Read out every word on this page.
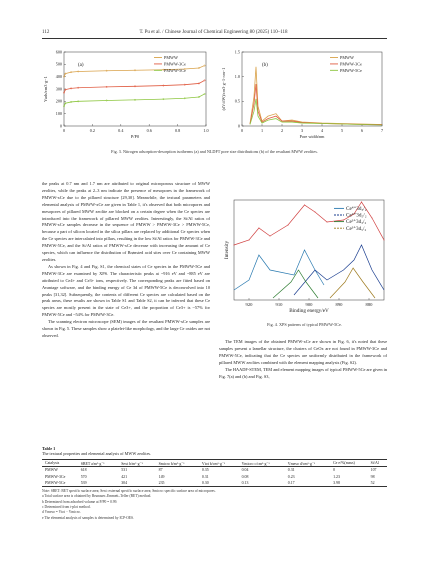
112	T. Pu et al. / Chinese Journal of Chemical Engineering 80 (2025) 110–118
0	0.2	0.4	0.6	0.8	1.0
0
100
200
300
400
500
600
P/P0
Vads/cm3·g−1
(a)
PMWW
PMWW-3Ce
PMWW-5Ce
0	1	2	3	4	5	6	7
0
0.5
1.0
1.5
Pore width/nm
(dV/dW)/cm3·g−1·nm−1
(b)
PMWW
PMWW-3Ce
PMWW-5Ce
Fig. 3. Nitrogen adsorption-desorption isotherms (a) and NLDFT pore size distributions (b) of the resultant MWW zeolites.

the peaks at 0.7 nm and 1.7 nm are attributed to original microporous structure of MWW zeolites, while the peaks at 2–3 nm indicate the presence of mesopores in the framework of PMWW-xCe due to the pillared structure [29,30]. Meanwhile, the textural parameters and elemental analysis of PMWW-xCe are given in Table 1, it's observed that both micropores and mesopores of pillared MWW zeolite are blocked on a certain degree when the Ce species are introduced into the framework of pillared MWW zeolites. Interestingly, the Si/Al ratios of PMWW-xCe samples decrease in the sequence of PMWW > PMWW-3Ce > PMWW-5Ce, because a part of silicon located in the silica pillars are replaced by additional Ce species when the Ce species are intercalated into pillars, resulting in the low Si/Al ratios for PMWW-3Ce and PMWW-5Ce, and the Si/Al ratios of PMWW-xCe decrease with increasing the amount of Ce species, which can influence the distribution of Brønsted acid sites over Ce containing MWW zeolites.

As shown in Fig. 4 and Fig. S1, the chemical states of Ce species in the PMWW-5Ce and PMWW-3Ce are examined by XPS. The characteristic peaks at ~916 eV and ~885 eV are attributed to Ce4+ and Ce3+ ions, respectively. The corresponding peaks are fitted based on Avantage software, and the binding energy of Ce 3d of PMWW-5Ce is deconvolved into 10 peaks [31,32]. Subsequently, the contents of different Ce species are calculated based on the peak areas, these results are shown in Table S1 and Table S2, it can be inferred that these Ce species are mostly present in the state of Ce3+, and the proportion of Ce3+ is ~57% for PMWW-5Ce and ~54% for PMWW-3Ce.

The scanning electron microscope (SEM) images of the resultant PMWW-xCe samples are shown in Fig. 5. These samples show a platelet-like morphology, and the large Ce oxides are not observed.

920	910	900	890	880
Binding energy/eV
Intensity
Ce⁴⁺3d₃/₂
Ce⁴⁺3d₅/₂
Ce³⁺3d₃/₂
Ce³⁺3d₅/₂
Fig. 4. XPS patterns of typical PMWW-5Ce.

The TEM images of the obtained PMWW-xCe are shown in Fig. 6, it's noted that these samples present a lamellar structure, the clusters of CeOx are not found in PMWW-3Ce and PMWW-5Ce, indicating that the Ce species are uniformly distributed in the framework of pillared MWW zeolites combined with the element mapping analysis (Fig. S2).

The HAADF-STEM, TEM and element mapping images of typical PMWW-5Ce are given in Fig. 7(a) and (b) and Fig. S3,

Table 1
The textural properties and elemental analysis of MWW zeolites.
Catalysts	SBET a/m²·g⁻¹	Sext b/m²·g⁻¹	Smicro b/m²·g⁻¹	Vtot b/cm³·g⁻¹	Vmicro c/cm³·g⁻¹	Vmeso d/cm³·g⁻¹	Ce e/%(mass)	Si/Al
PMWW	618	531	87	0.35	0.04	0.31	0	107
PMWW-3Ce	570	421	149	0.31	0.08	0.23	1.23	98
PMWW-5Ce	539	304	235	0.30	0.13	0.17	3.98	52
Note: SBET: BET specific surface area; Sext: external specific surface area; Smicro: specific surface area of micropores.
a Total surface area is obtained by Brunauer–Emmett–Teller (BET) method.
b Determined from adsorbed volume at P/P0 = 0.99.
c Determined from t-plot method.
d Vmeso = Vtot − Vmicro.
e The elemental analysis of samples is determined by ICP-OES.
